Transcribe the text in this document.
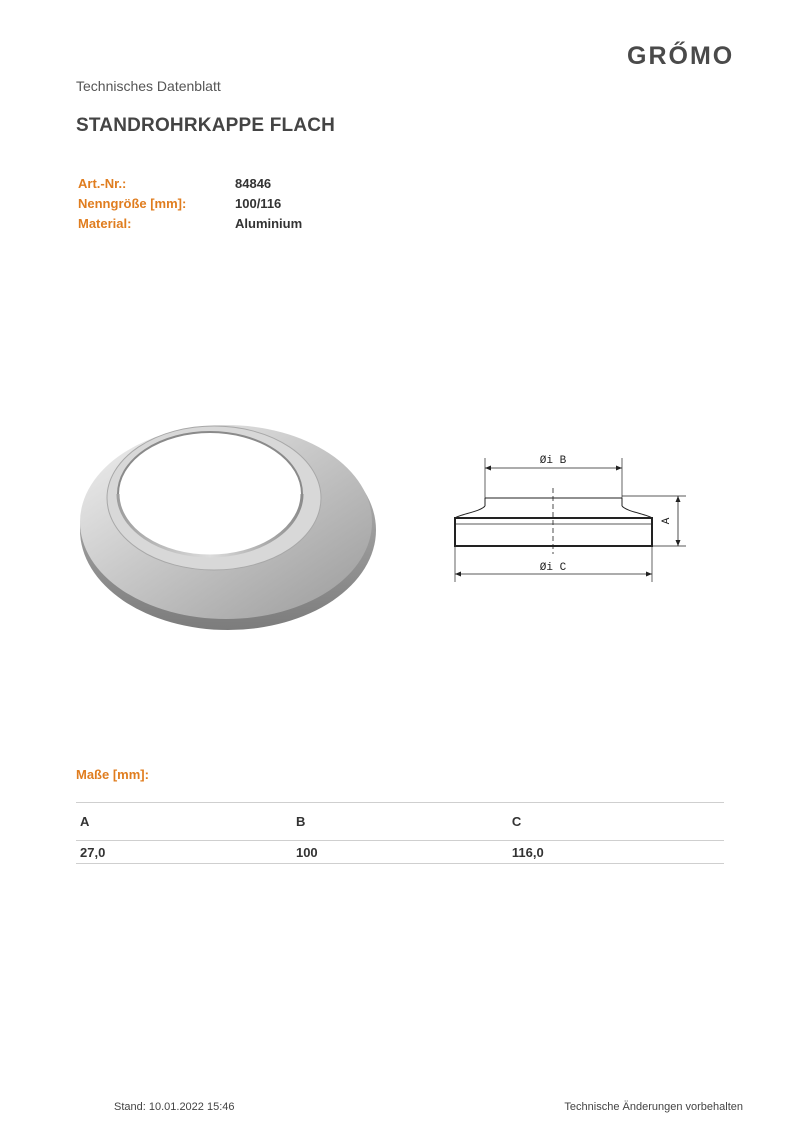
GRŐMO
Technisches Datenblatt
STANDROHRKAPPE FLACH
Art.-Nr.:	84846
Nenngröße [mm]:	100/116
Material:	Aluminium
Øi B
Øi C
A
Maße [mm]:
A	B	C
27,0	100	116,0
Stand: 10.01.2022 15:46	Technische Änderungen vorbehalten
